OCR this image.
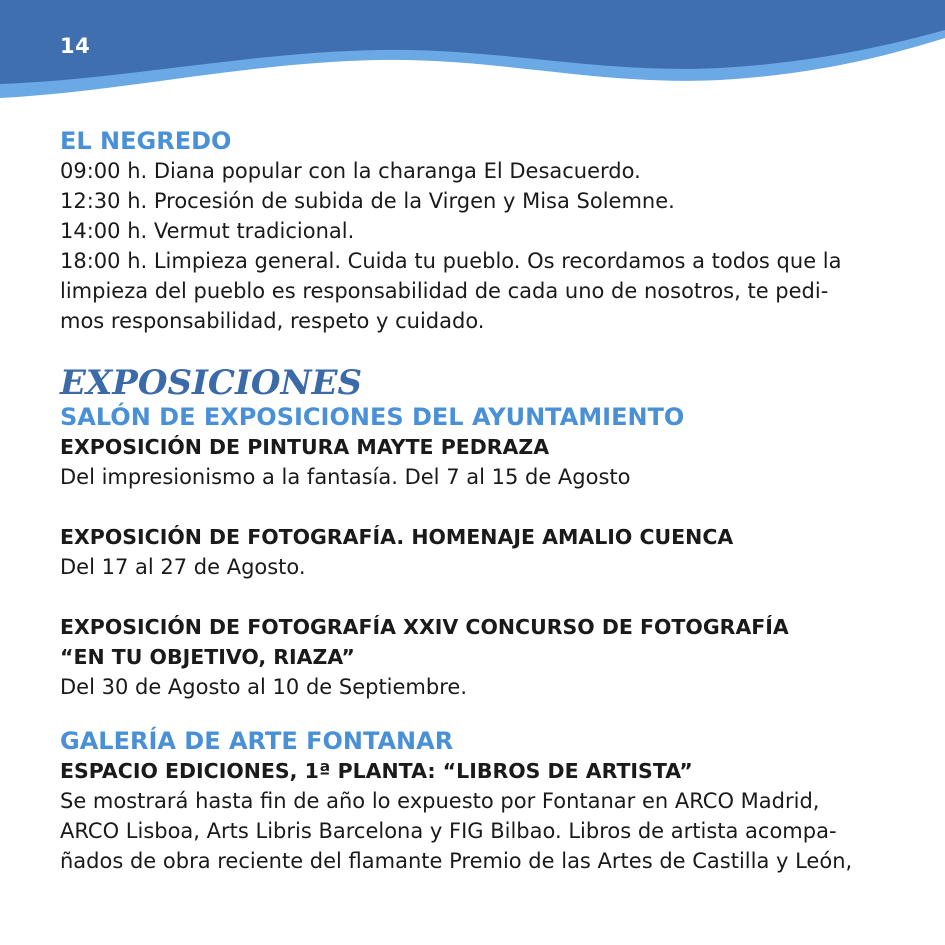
14
EL NEGREDO
09:00 h. Diana popular con la charanga El Desacuerdo.
12:30 h. Procesión de subida de la Virgen y Misa Solemne.
14:00 h. Vermut tradicional.
18:00 h. Limpieza general. Cuida tu pueblo. Os recordamos a todos que la
limpieza del pueblo es responsabilidad de cada uno de nosotros, te pedi-
mos responsabilidad, respeto y cuidado.
EXPOSICIONES
SALÓN DE EXPOSICIONES DEL AYUNTAMIENTO
EXPOSICIÓN DE PINTURA MAYTE PEDRAZA
Del impresionismo a la fantasía. Del 7 al 15 de Agosto
EXPOSICIÓN DE FOTOGRAFÍA. HOMENAJE AMALIO CUENCA
Del 17 al 27 de Agosto.
EXPOSICIÓN DE FOTOGRAFÍA XXIV CONCURSO DE FOTOGRAFÍA
“EN TU OBJETIVO, RIAZA”
Del 30 de Agosto al 10 de Septiembre.
GALERÍA DE ARTE FONTANAR
ESPACIO EDICIONES, 1ª PLANTA: “LIBROS DE ARTISTA”
Se mostrará hasta fin de año lo expuesto por Fontanar en ARCO Madrid,
ARCO Lisboa, Arts Libris Barcelona y FIG Bilbao. Libros de artista acompa-
ñados de obra reciente del flamante Premio de las Artes de Castilla y León,
